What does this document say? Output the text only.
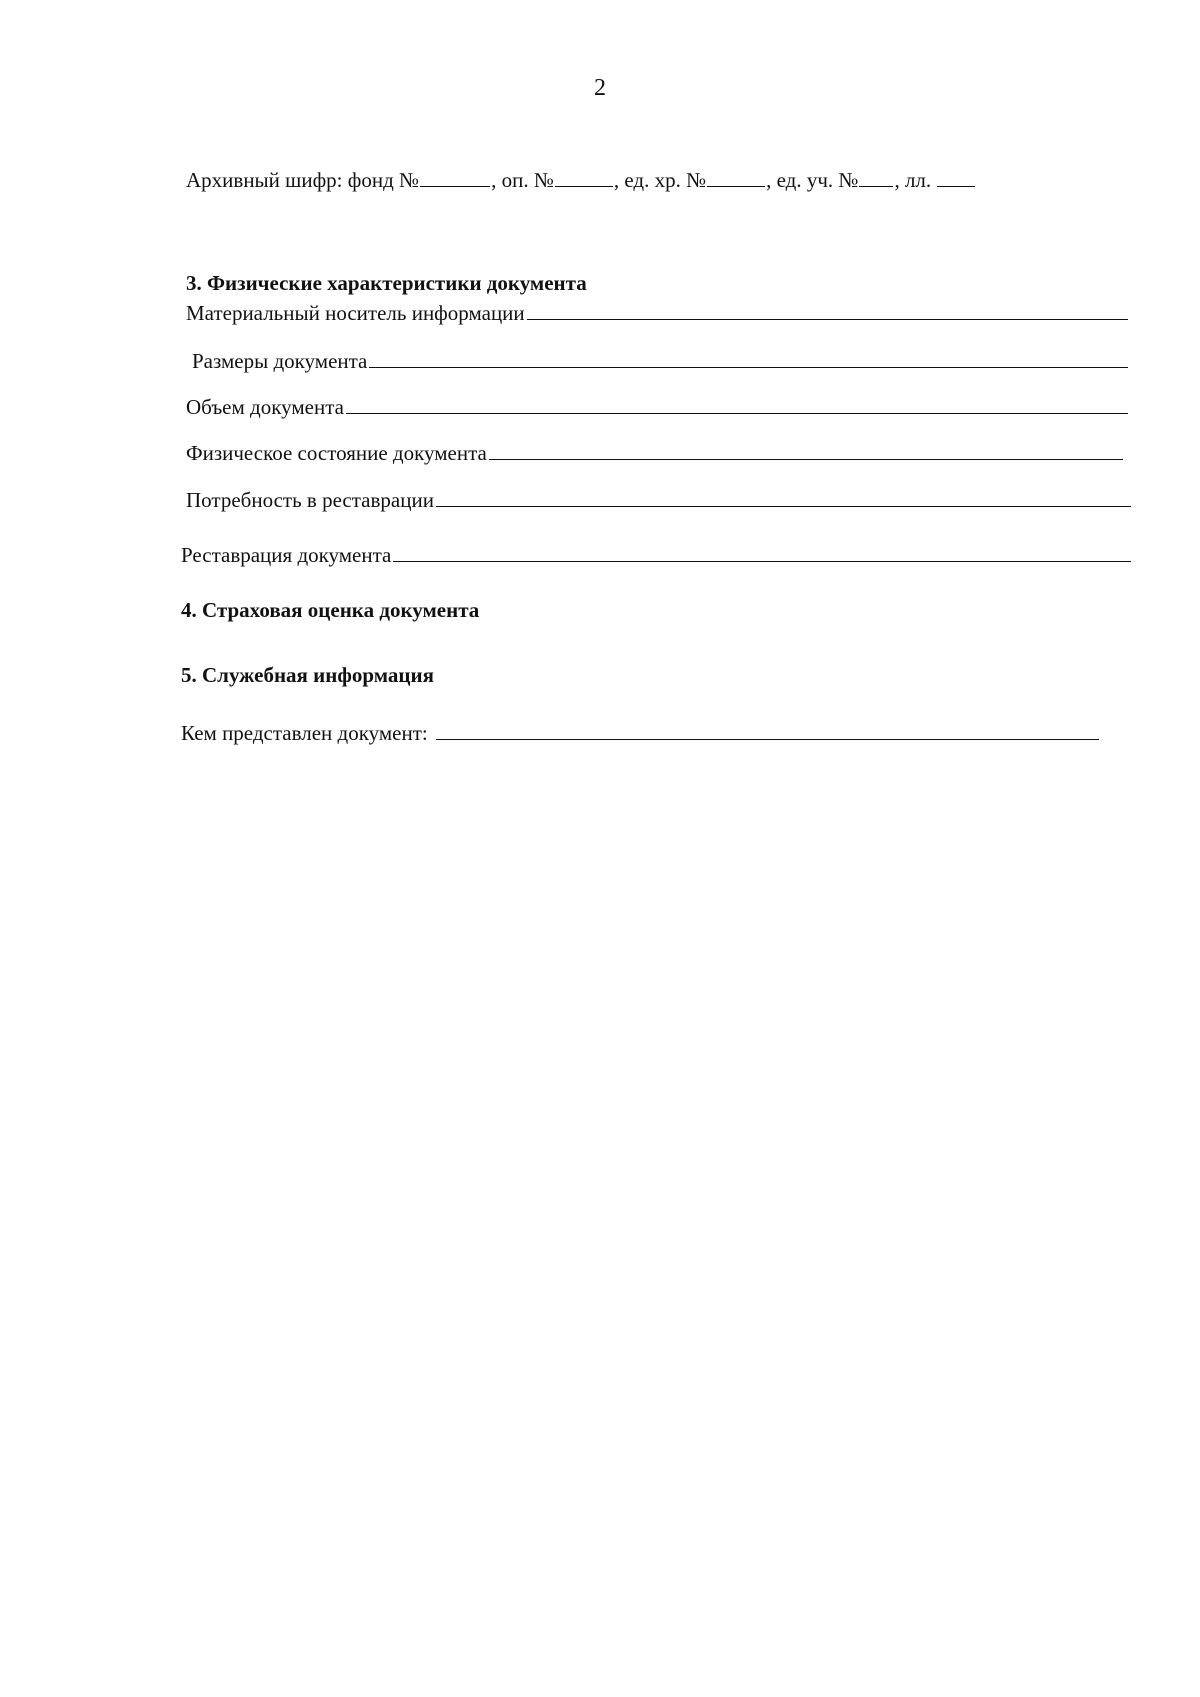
2
Архивный шифр: фонд №	, оп. №	, ед. хр. №	, ед. уч. № , лл.
3. Физические характеристики документа
Материальный носитель информации
Размеры документа
Объем документа
Физическое состояние документа
Потребность в реставрации
Реставрация документа
4. Страховая оценка документа
5. Служебная информация
Кем представлен документ:
